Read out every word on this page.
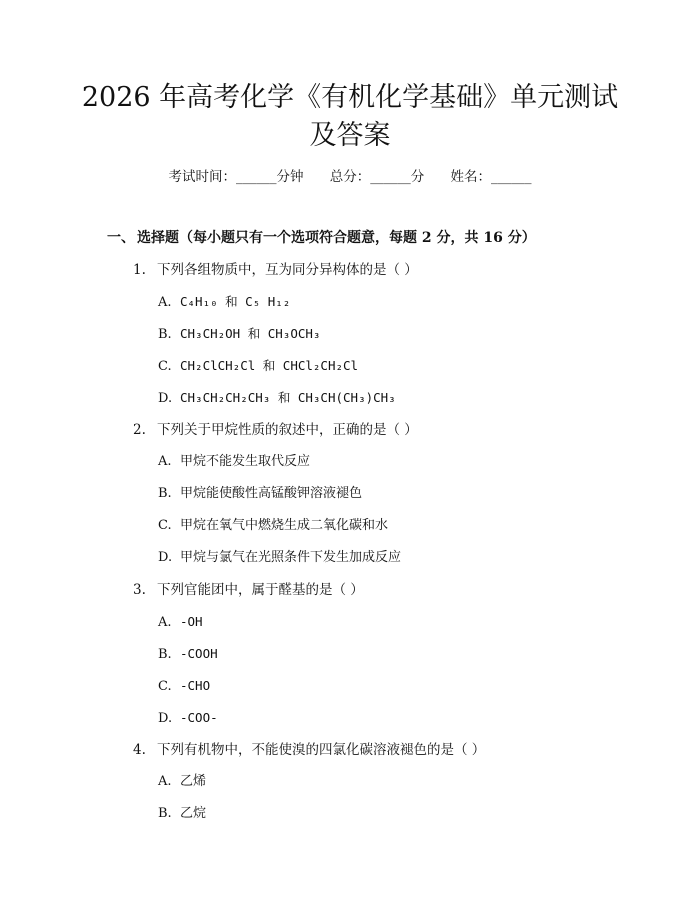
2026 年高考化学《有机化学基础》单元测试
及答案
考试时间：______分钟 总分：______分 姓名：______
一、 选择题（每小题只有一个选项符合题意，每题 2 分，共 16 分）
1. 下列各组物质中，互为同分异构体的是（ ）
A. C₄H₁₀ 和 C₅ H₁₂
B. CH₃CH₂OH 和 CH₃OCH₃
C. CH₂ClCH₂Cl 和 CHCl₂CH₂Cl
D. CH₃CH₂CH₂CH₃ 和 CH₃CH(CH₃)CH₃
2. 下列关于甲烷性质的叙述中，正确的是（ ）
A. 甲烷不能发生取代反应
B. 甲烷能使酸性高锰酸钾溶液褪色
C. 甲烷在氧气中燃烧生成二氧化碳和水
D. 甲烷与氯气在光照条件下发生加成反应
3. 下列官能团中，属于醛基的是（ ）
A. -OH
B. -COOH
C. -CHO
D. -COO-
4. 下列有机物中，不能使溴的四氯化碳溶液褪色的是（ ）
A. 乙烯
B. 乙烷
